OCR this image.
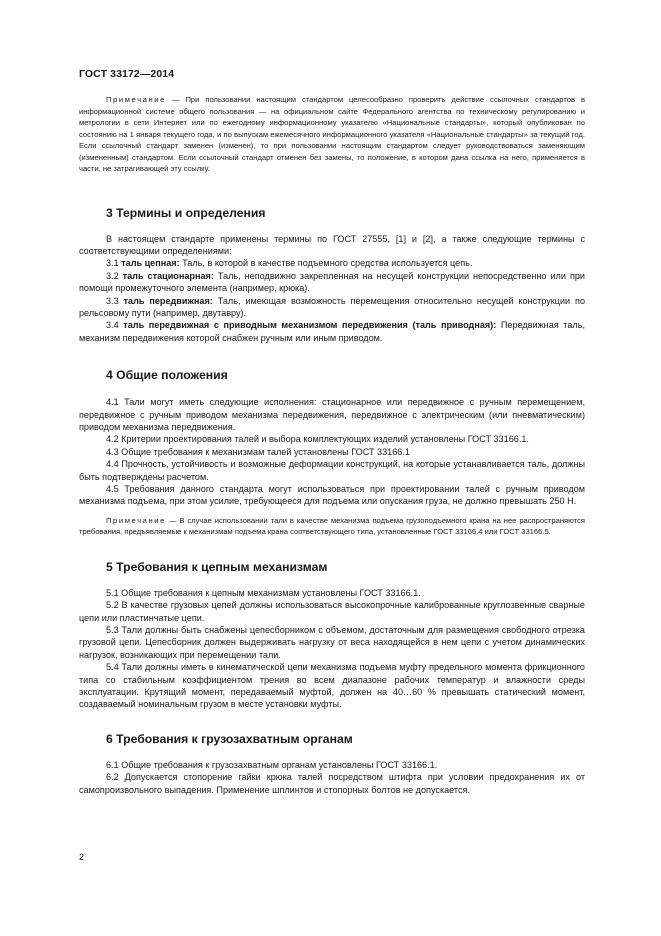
ГОСТ 33172—2014

Примечание — При пользовании настоящим стандартом целесообразно проверить действие ссылочных стандартов в информационной системе общего пользования — на официальном сайте Федерального агентства по техническому регулированию и метрологии в сети Интернет или по ежегодному информационному указателю «Национальные стандарты», который опубликован по состоянию на 1 января текущего года, и по выпускам ежемесячного информационного указателя «Национальные стандарты» за текущий год. Если ссылочный стандарт заменен (изменен), то при пользовании настоящим стандартом следует руководствоваться заменяющим (измененным) стандартом. Если ссылочный стандарт отменен без замены, то положение, в котором дана ссылка на него, применяется в части, не затрагивающей эту ссылку.

3 Термины и определения

В настоящем стандарте применены термины по ГОСТ 27555, [1] и [2], а также следующие термины с соответствующими определениями:

3.1 таль цепная: Таль, в которой в качестве подъемного средства используется цепь.

3.2 таль стационарная: Таль, неподвижно закрепленная на несущей конструкции непосредственно или при помощи промежуточного элемента (например, крюка).

3.3 таль передвижная: Таль, имеющая возможность перемещения относительно несущей конструкции по рельсовому пути (например, двутавру).

3.4 таль передвижная с приводным механизмом передвижения (таль приводная): Передвижная таль, механизм передвижения которой снабжен ручным или иным приводом.

4 Общие положения

4.1 Тали могут иметь следующие исполнения: стационарное или передвижное с ручным перемещением, передвижное с ручным приводом механизма передвижения, передвижное с электрическим (или пневматическим) приводом механизма передвижения.

4.2 Критерии проектирования талей и выбора комплектующих изделий установлены ГОСТ 33166.1.

4.3 Общие требования к механизмам талей установлены ГОСТ 33166.1

4.4 Прочность, устойчивость и возможные деформации конструкций, на которые устанавливается таль, должны быть подтверждены расчетом.

4.5 Требования данного стандарта могут использоваться при проектировании талей с ручным приводом механизма подъема, при этом усилие, требующееся для подъема или опускания груза, не должно превышать 250 Н.

Примечание — В случае использовании тали в качестве механизма подъема грузоподъемного крана на нее распространяются требования, предъявляемые к механизмам подъема крана соответствующего типа, установленные ГОСТ 33166.4 или ГОСТ 33166.5.

5 Требования к цепным механизмам

5.1 Общие требования к цепным механизмам установлены ГОСТ 33166.1.

5.2 В качестве грузовых цепей должны использоваться высокопрочные калиброванные круглозвенные сварные цепи или пластинчатые цепи.

5.3 Тали должны быть снабжены цепесборником с объемом, достаточным для размещения свободного отрезка грузовой цепи. Цепесборник должен выдерживать нагрузку от веса находящейся в нем цепи с учетом динамических нагрузок, возникающих при перемещении тали.

5.4 Тали должны иметь в кинематической цепи механизма подъема муфту предельного момента фрикционного типа со стабильным коэффициентом трения во всем диапазоне рабочих температур и влажности среды эксплуатации. Крутящий момент, передаваемый муфтой, должен на 40…60 % превышать статический момент, создаваемый номинальным грузом в месте установки муфты.

6 Требования к грузозахватным органам

6.1 Общие требования к грузозахватным органам установлены ГОСТ 33166.1.

6.2 Допускается стопорение гайки крюка талей посредством штифта при условии предохранения их от самопроизвольного выпадения. Применение шплинтов и стопорных болтов не допускается.

2
